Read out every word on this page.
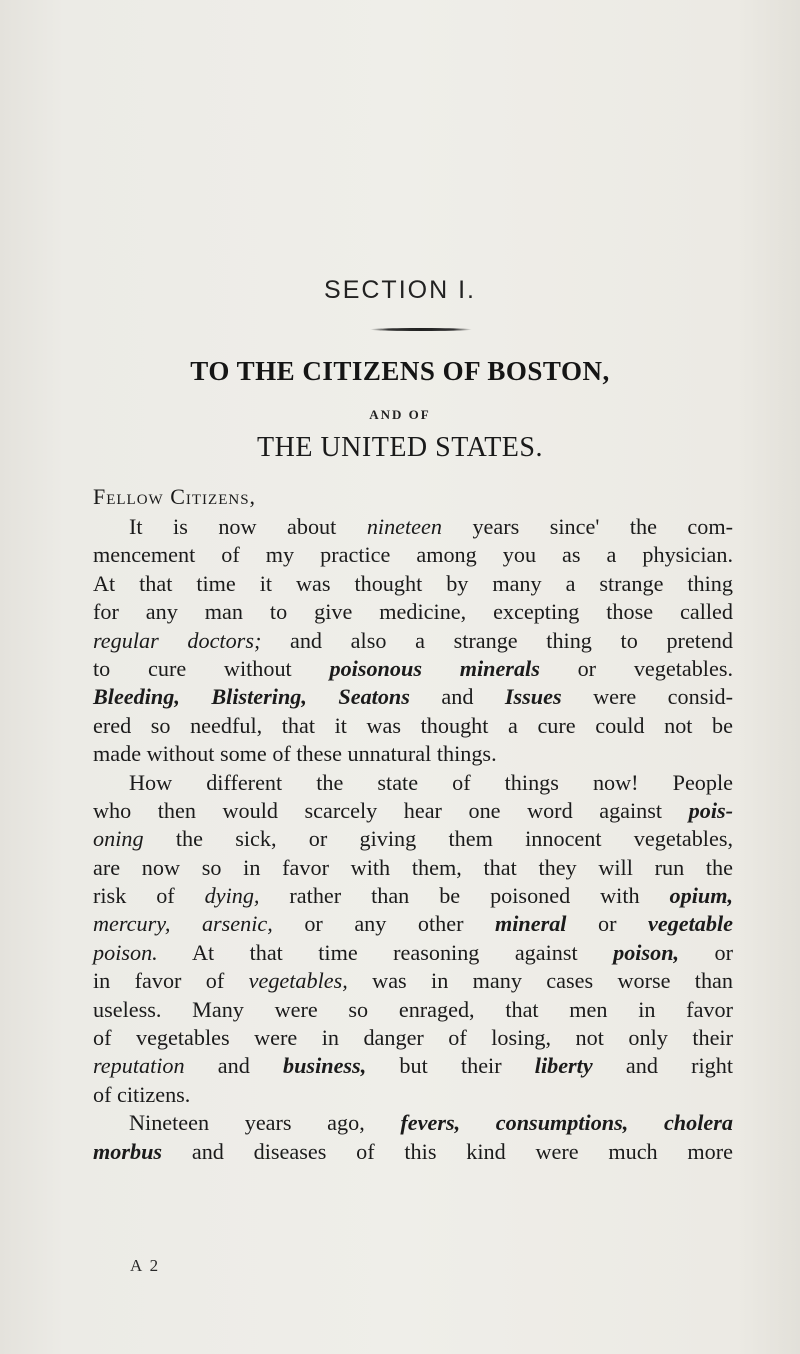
SECTION I.
TO THE CITIZENS OF BOSTON,
AND OF
THE UNITED STATES.
Fellow Citizens,
It is now about nineteen years since' the com-
mencement of my practice among you as a physician.
At that time it was thought by many a strange thing
for any man to give medicine, excepting those called
regular doctors; and also a strange thing to pretend
to cure without poisonous minerals or vegetables.
Bleeding, Blistering, Seatons and Issues were consid-
ered so needful, that it was thought a cure could not be
made without some of these unnatural things.
How different the state of things now! People
who then would scarcely hear one word against pois-
oning the sick, or giving them innocent vegetables,
are now so in favor with them, that they will run the
risk of dying, rather than be poisoned with opium,
mercury, arsenic, or any other mineral or vegetable
poison. At that time reasoning against poison, or
in favor of vegetables, was in many cases worse than
useless. Many were so enraged, that men in favor
of vegetables were in danger of losing, not only their
reputation and business, but their liberty and right
of citizens.
Nineteen years ago, fevers, consumptions, cholera
morbus and diseases of this kind were much more
A 2
